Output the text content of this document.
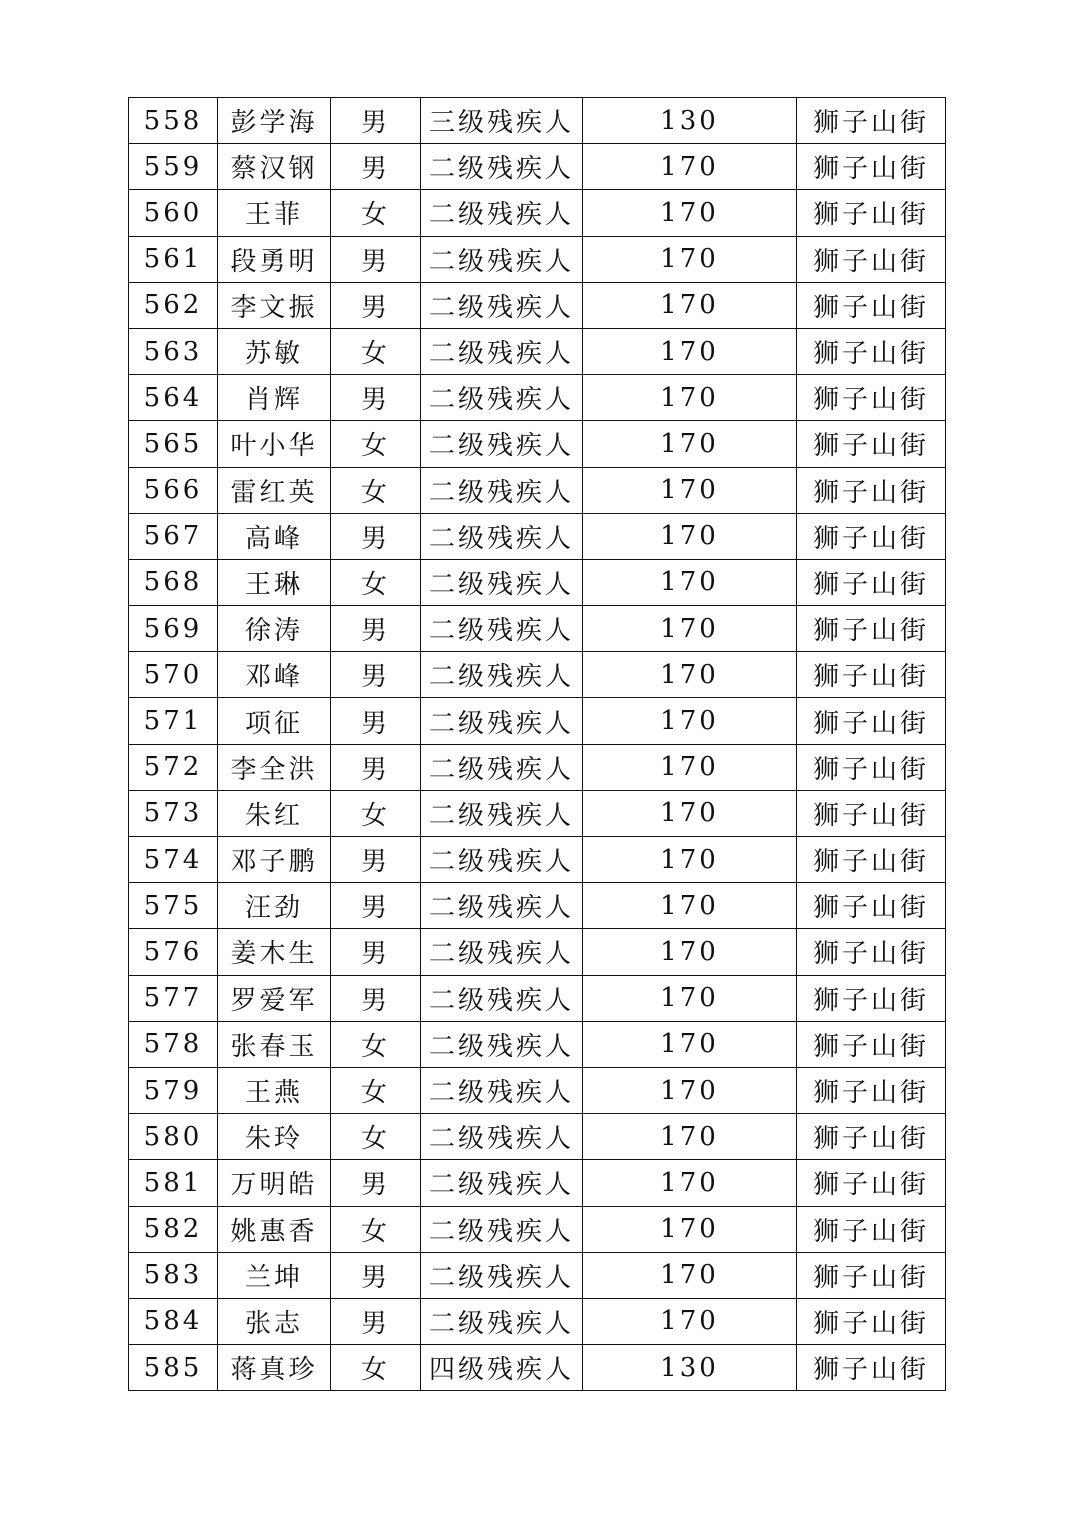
558	彭学海	男	三级残疾人	130	狮子山街
559	蔡汉钢	男	二级残疾人	170	狮子山街
560	王菲	女	二级残疾人	170	狮子山街
561	段勇明	男	二级残疾人	170	狮子山街
562	李文振	男	二级残疾人	170	狮子山街
563	苏敏	女	二级残疾人	170	狮子山街
564	肖辉	男	二级残疾人	170	狮子山街
565	叶小华	女	二级残疾人	170	狮子山街
566	雷红英	女	二级残疾人	170	狮子山街
567	高峰	男	二级残疾人	170	狮子山街
568	王琳	女	二级残疾人	170	狮子山街
569	徐涛	男	二级残疾人	170	狮子山街
570	邓峰	男	二级残疾人	170	狮子山街
571	项征	男	二级残疾人	170	狮子山街
572	李全洪	男	二级残疾人	170	狮子山街
573	朱红	女	二级残疾人	170	狮子山街
574	邓子鹏	男	二级残疾人	170	狮子山街
575	汪劲	男	二级残疾人	170	狮子山街
576	姜木生	男	二级残疾人	170	狮子山街
577	罗爱军	男	二级残疾人	170	狮子山街
578	张春玉	女	二级残疾人	170	狮子山街
579	王燕	女	二级残疾人	170	狮子山街
580	朱玲	女	二级残疾人	170	狮子山街
581	万明皓	男	二级残疾人	170	狮子山街
582	姚惠香	女	二级残疾人	170	狮子山街
583	兰坤	男	二级残疾人	170	狮子山街
584	张志	男	二级残疾人	170	狮子山街
585	蒋真珍	女	四级残疾人	130	狮子山街
